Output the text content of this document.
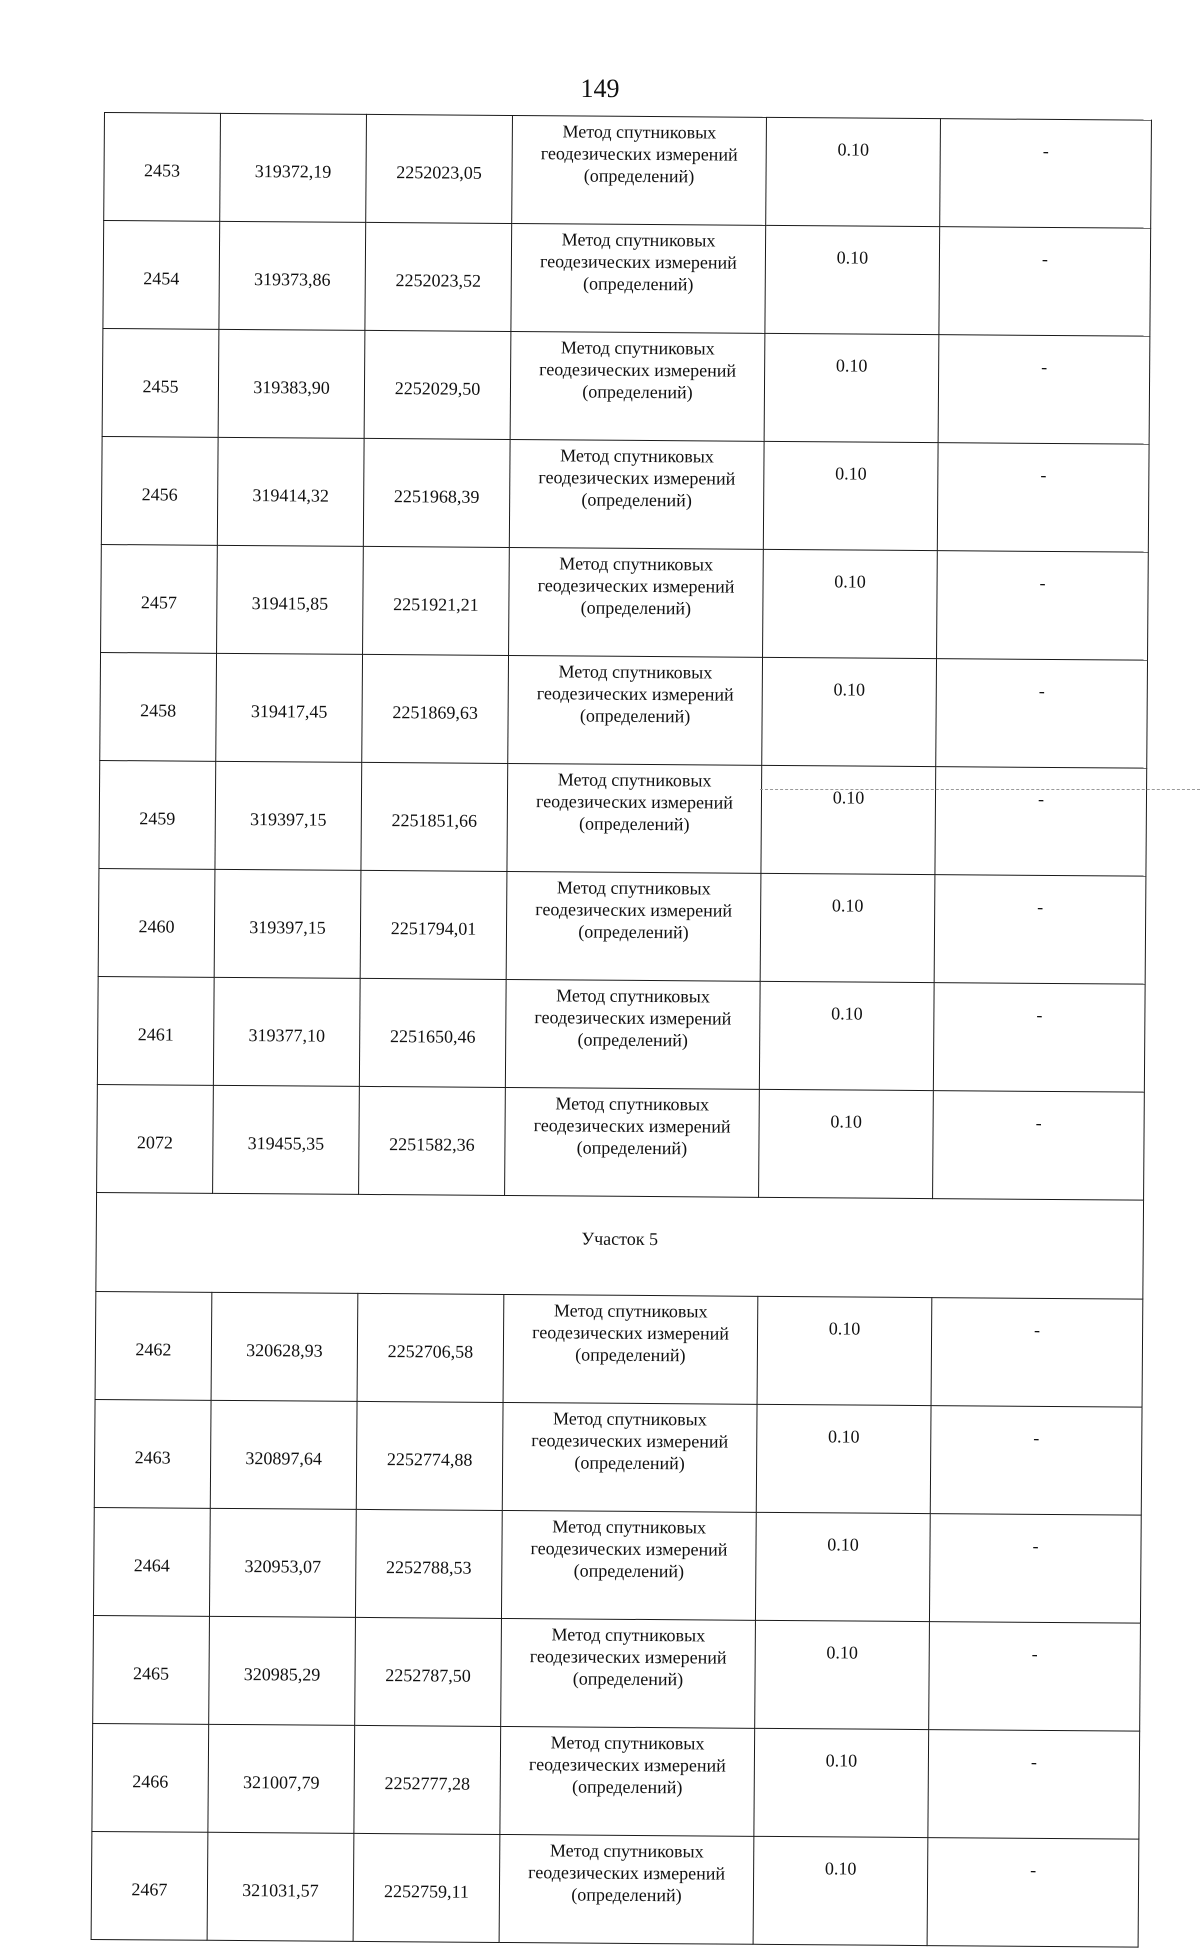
149
2453	319372,19	2252023,05	Метод спутниковых
геодезических измерений
(определений)	0.10	-
2454	319373,86	2252023,52	Метод спутниковых
геодезических измерений
(определений)	0.10	-
2455	319383,90	2252029,50	Метод спутниковых
геодезических измерений
(определений)	0.10	-
2456	319414,32	2251968,39	Метод спутниковых
геодезических измерений
(определений)	0.10	-
2457	319415,85	2251921,21	Метод спутниковых
геодезических измерений
(определений)	0.10	-
2458	319417,45	2251869,63	Метод спутниковых
геодезических измерений
(определений)	0.10	-
2459	319397,15	2251851,66	Метод спутниковых
геодезических измерений
(определений)	0.10	-
2460	319397,15	2251794,01	Метод спутниковых
геодезических измерений
(определений)	0.10	-
2461	319377,10	2251650,46	Метод спутниковых
геодезических измерений
(определений)	0.10	-
2072	319455,35	2251582,36	Метод спутниковых
геодезических измерений
(определений)	0.10	-
Участок 5					
2462	320628,93	2252706,58	Метод спутниковых
геодезических измерений
(определений)	0.10	-
2463	320897,64	2252774,88	Метод спутниковых
геодезических измерений
(определений)	0.10	-
2464	320953,07	2252788,53	Метод спутниковых
геодезических измерений
(определений)	0.10	-
2465	320985,29	2252787,50	Метод спутниковых
геодезических измерений
(определений)	0.10	-
2466	321007,79	2252777,28	Метод спутниковых
геодезических измерений
(определений)	0.10	-
2467	321031,57	2252759,11	Метод спутниковых
геодезических измерений
(определений)	0.10	-
